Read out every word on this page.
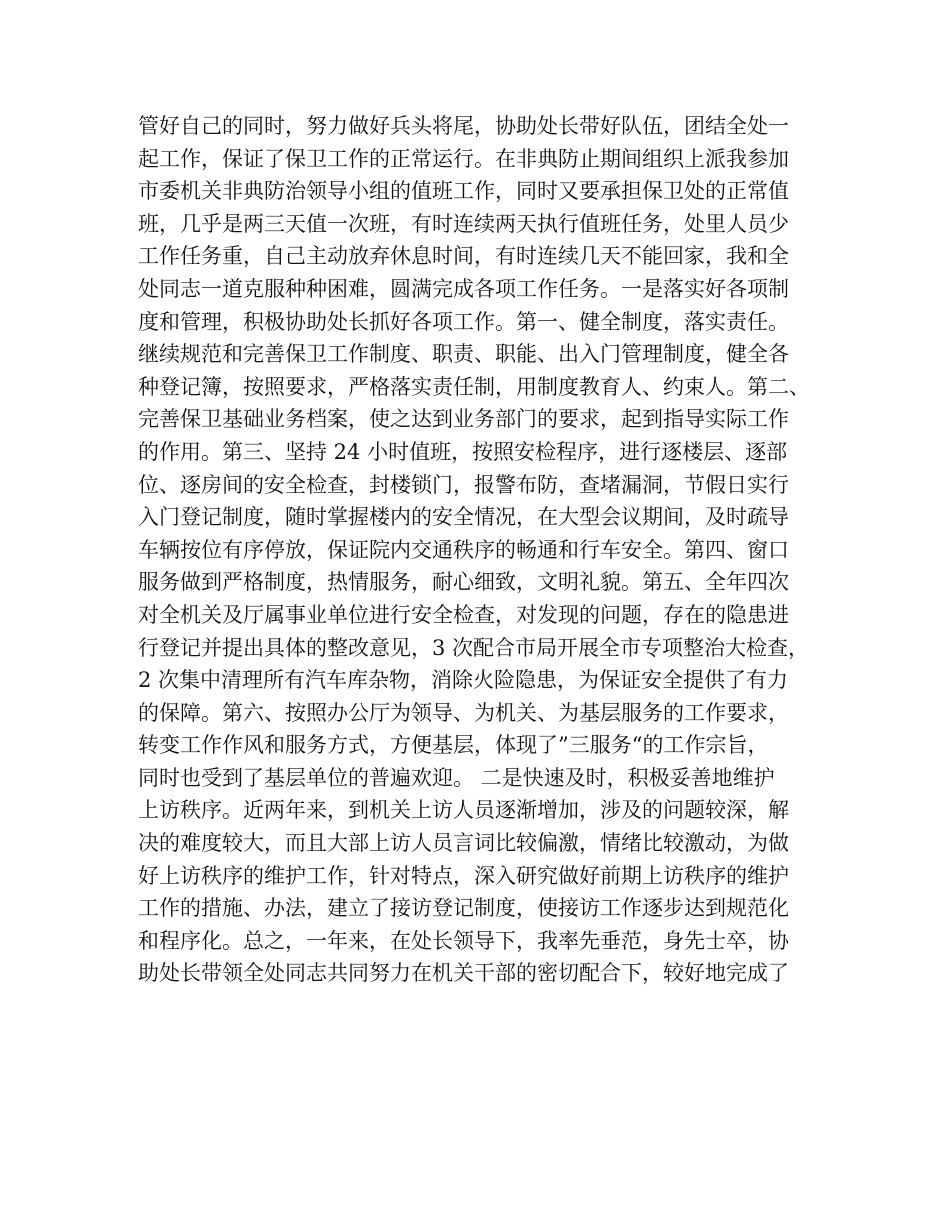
管好自己的同时，努力做好兵头将尾，协助处长带好队伍，团结全处一
起工作，保证了保卫工作的正常运行。在非典防止期间组织上派我参加
市委机关非典防治领导小组的值班工作，同时又要承担保卫处的正常值
班，几乎是两三天值一次班，有时连续两天执行值班任务，处里人员少
工作任务重，自己主动放弃休息时间，有时连续几天不能回家，我和全
处同志一道克服种种困难，圆满完成各项工作任务。一是落实好各项制
度和管理，积极协助处长抓好各项工作。第一、健全制度，落实责任。
继续规范和完善保卫工作制度、职责、职能、出入门管理制度，健全各
种登记簿，按照要求，严格落实责任制，用制度教育人、约束人。第二、
完善保卫基础业务档案，使之达到业务部门的要求，起到指导实际工作
的作用。第三、坚持 24 小时值班，按照安检程序，进行逐楼层、逐部
位、逐房间的安全检查，封楼锁门，报警布防，查堵漏洞，节假日实行
入门登记制度，随时掌握楼内的安全情况，在大型会议期间，及时疏导
车辆按位有序停放，保证院内交通秩序的畅通和行车安全。第四、窗口
服务做到严格制度，热情服务，耐心细致，文明礼貌。第五、全年四次
对全机关及厅属事业单位进行安全检查，对发现的问题，存在的隐患进
行登记并提出具体的整改意见，3 次配合市局开展全市专项整治大检查，
2 次集中清理所有汽车库杂物，消除火险隐患，为保证安全提供了有力
的保障。第六、按照办公厅为领导、为机关、为基层服务的工作要求，
转变工作作风和服务方式，方便基层，体现了”三服务“的工作宗旨，
同时也受到了基层单位的普遍欢迎。 二是快速及时，积极妥善地维护
上访秩序。近两年来，到机关上访人员逐渐增加，涉及的问题较深，解
决的难度较大，而且大部上访人员言词比较偏激，情绪比较激动，为做
好上访秩序的维护工作，针对特点，深入研究做好前期上访秩序的维护
工作的措施、办法，建立了接访登记制度，使接访工作逐步达到规范化
和程序化。总之，一年来，在处长领导下，我率先垂范，身先士卒，协
助处长带领全处同志共同努力在机关干部的密切配合下，较好地完成了
